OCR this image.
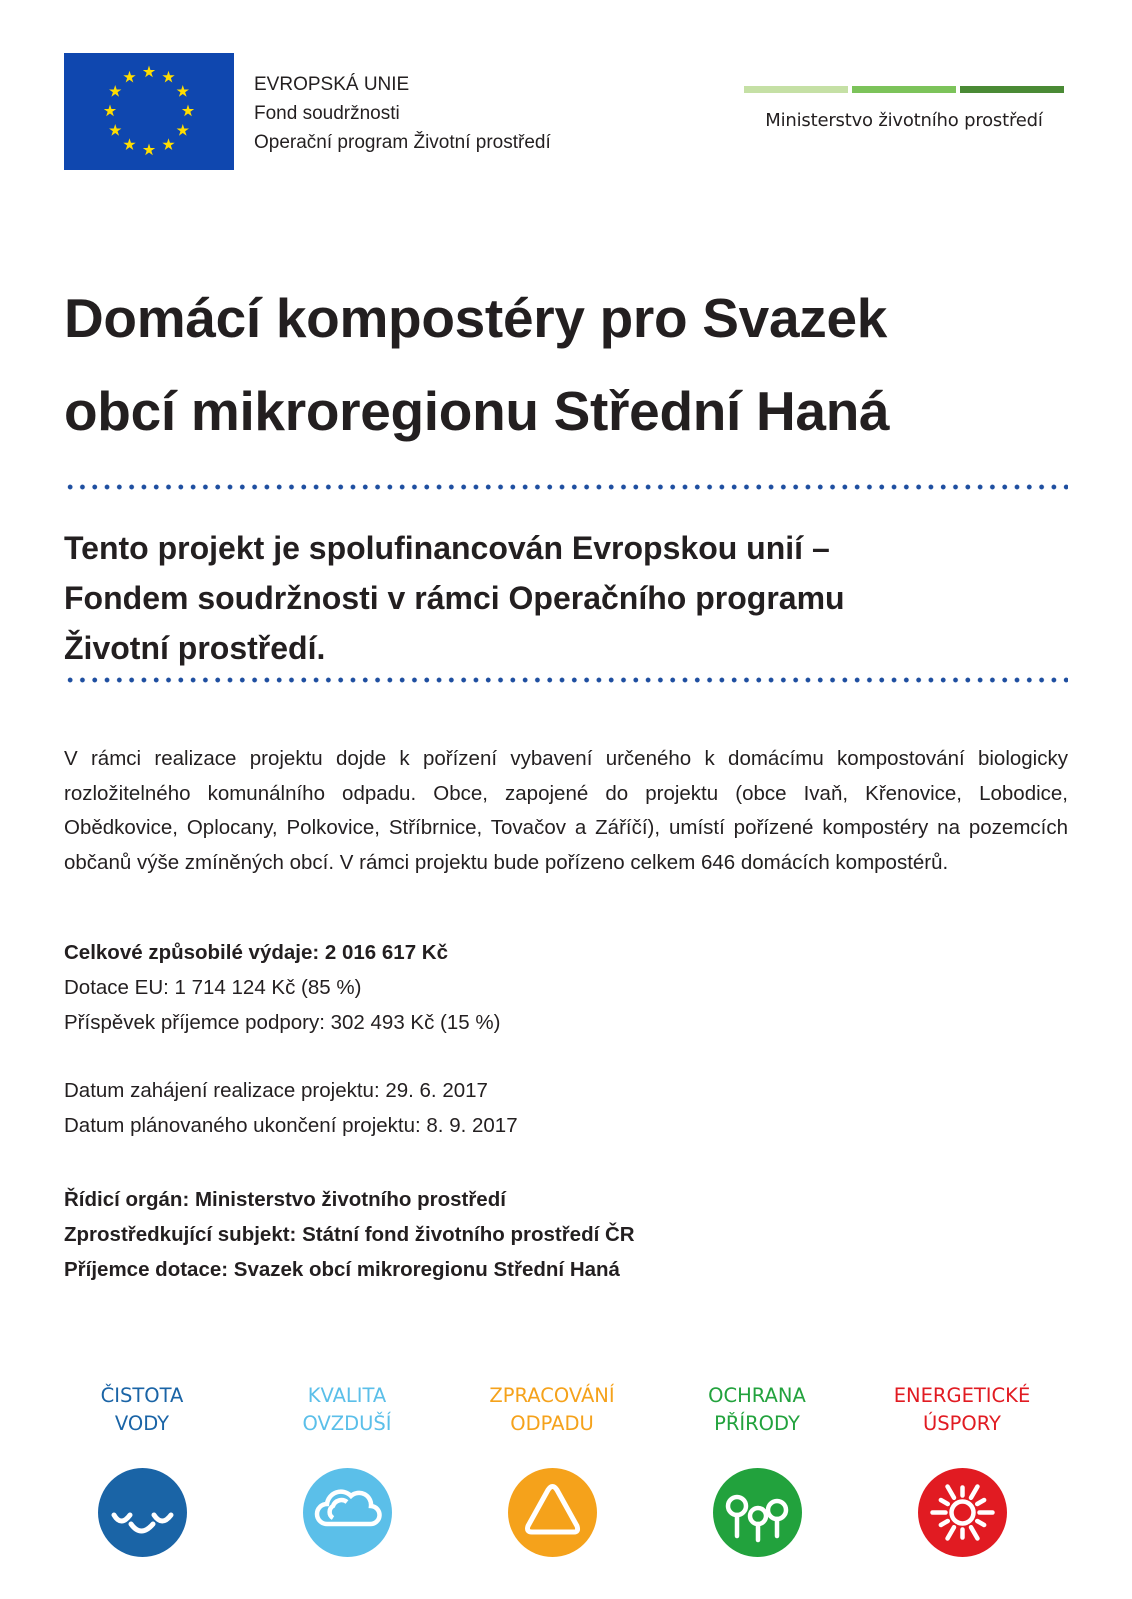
EVROPSKÁ UNIE
Fond soudržnosti
Operační program Životní prostředí
Ministerstvo životního prostředí
Domácí kompostéry pro Svazek
obcí mikroregionu Střední Haná
Tento projekt je spolufinancován Evropskou unií –
Fondem soudržnosti v rámci Operačního programu
Životní prostředí.
V rámci realizace projektu dojde k pořízení vybavení určeného k domácímu kompostování biologicky rozložitelného komunálního odpadu. Obce, zapojené do projektu (obce Ivaň, Křenovice, Lobodice, Obědkovice, Oplocany, Polkovice, Stříbrnice, Tovačov a Záříčí), umístí pořízené kompostéry na pozemcích občanů výše zmíněných obcí. V rámci projektu bude pořízeno celkem 646 domácích kompostérů.
Celkové způsobilé výdaje: 2 016 617 Kč
Dotace EU: 1 714 124 Kč (85 %)
Příspěvek příjemce podpory: 302 493 Kč (15 %)
Datum zahájení realizace projektu: 29. 6. 2017
Datum plánovaného ukončení projektu: 8. 9. 2017
Řídicí orgán: Ministerstvo životního prostředí
Zprostředkující subjekt: Státní fond životního prostředí ČR
Příjemce dotace: Svazek obcí mikroregionu Střední Haná
ČISTOTA
VODY
KVALITA
OVZDUŠÍ
ZPRACOVÁNÍ
ODPADU
OCHRANA
PŘÍRODY
ENERGETICKÉ
ÚSPORY
